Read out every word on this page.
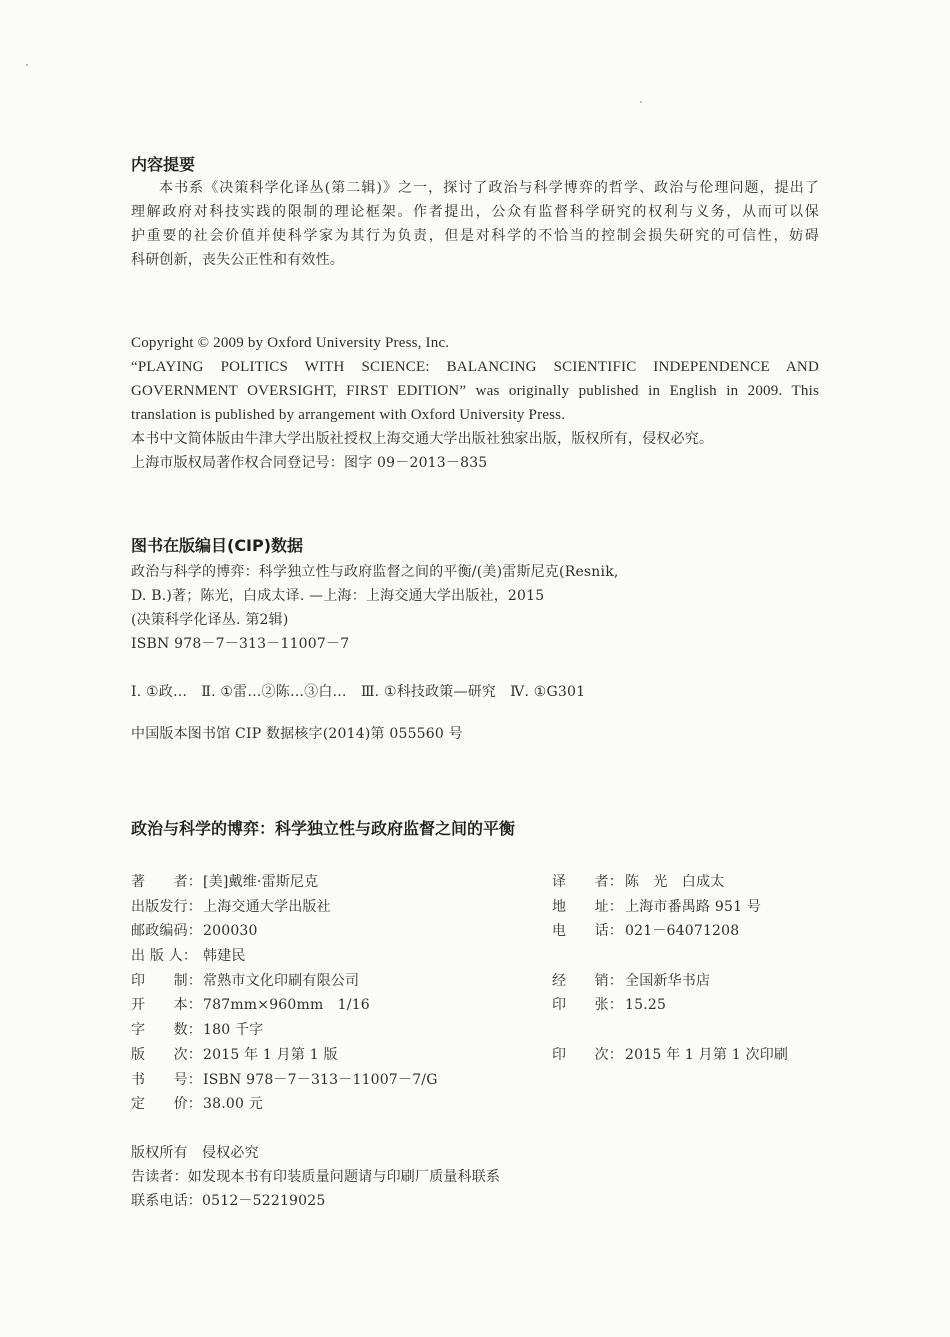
内容提要
本书系《决策科学化译丛(第二辑)》之一，探讨了政治与科学博弈的哲学、政治与伦理问题，提出了
理解政府对科技实践的限制的理论框架。作者提出，公众有监督科学研究的权利与义务，从而可以保
护重要的社会价值并使科学家为其行为负责，但是对科学的不恰当的控制会损失研究的可信性，妨碍
科研创新，丧失公正性和有效性。
Copyright © 2009 by Oxford University Press, Inc.
“PLAYING POLITICS WITH SCIENCE: BALANCING SCIENTIFIC INDEPENDENCE AND
GOVERNMENT OVERSIGHT, FIRST EDITION” was originally published in English in 2009. This
translation is published by arrangement with Oxford University Press.
本书中文简体版由牛津大学出版社授权上海交通大学出版社独家出版，版权所有，侵权必究。
上海市版权局著作权合同登记号：图字 09－2013－835
图书在版编目(CIP)数据
政治与科学的博弈：科学独立性与政府监督之间的平衡/(美)雷斯尼克(Resnik,
D. B.)著；陈光，白成太译. —上海：上海交通大学出版社，2015
(决策科学化译丛. 第2辑)
ISBN 978－7－313－11007－7
Ⅰ. ①政…　Ⅱ. ①雷…②陈…③白…　Ⅲ. ①科技政策—研究　Ⅳ. ①G301
中国版本图书馆 CIP 数据核字(2014)第 055560 号
政治与科学的博弈：科学独立性与政府监督之间的平衡
著　　者： [美]戴维·雷斯尼克	译　　者： 陈　光　白成太
出版发行： 上海交通大学出版社	地　　址： 上海市番禺路 951 号
邮政编码： 200030	电　　话： 021－64071208
出 版 人： 韩建民
印　　制： 常熟市文化印刷有限公司	经　　销： 全国新华书店
开　　本： 787mm×960mm　1/16	印　　张： 15.25
字　　数： 180 千字
版　　次： 2015 年 1 月第 1 版	印　　次： 2015 年 1 月第 1 次印刷
书　　号： ISBN 978－7－313－11007－7/G
定　　价： 38.00 元
版权所有　侵权必究
告读者：如发现本书有印装质量问题请与印刷厂质量科联系
联系电话：0512－52219025
